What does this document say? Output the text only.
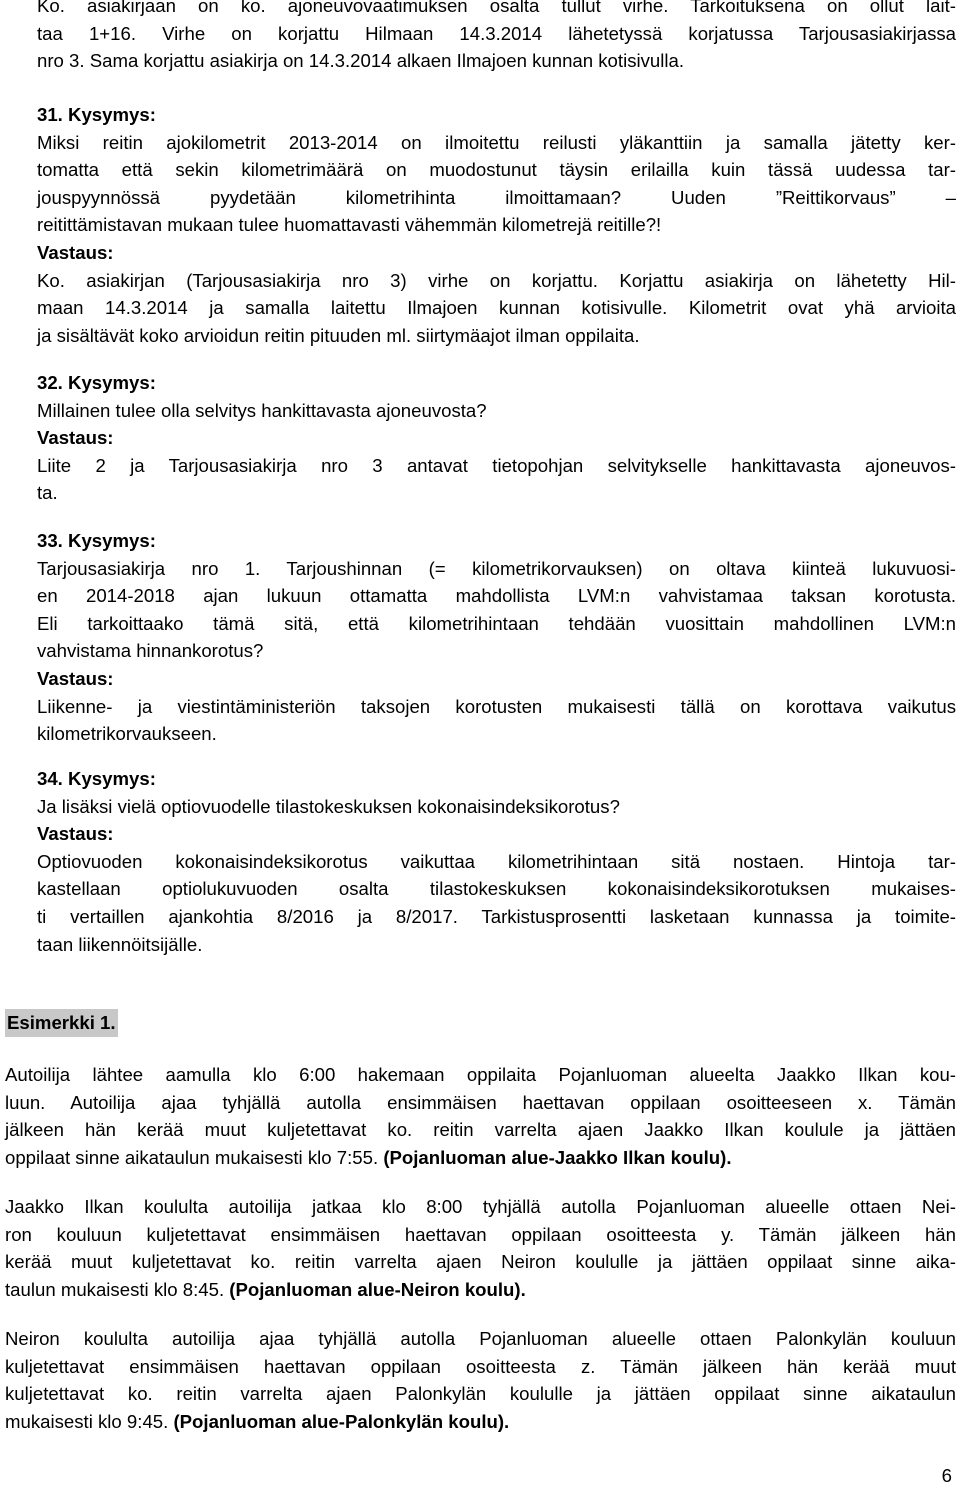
Ko. asiakirjaan on ko. ajoneuvovaatimuksen osalta tullut virhe. Tarkoituksena on ollut lait-
taa 1+16. Virhe on korjattu Hilmaan 14.3.2014 lähetetyssä korjatussa Tarjousasiakirjassa
nro 3. Sama korjattu asiakirja on 14.3.2014 alkaen Ilmajoen kunnan kotisivulla.
31. Kysymys:
Miksi reitin ajokilometrit 2013-2014 on ilmoitettu reilusti yläkanttiin ja samalla jätetty ker-
tomatta että sekin kilometrimäärä on muodostunut täysin erilailla kuin tässä uudessa tar-
jouspyynnössä pyydetään kilometrihinta ilmoittamaan? Uuden ”Reittikorvaus” –
reitittämistavan mukaan tulee huomattavasti vähemmän kilometrejä reitille?!
Vastaus:
Ko. asiakirjan (Tarjousasiakirja nro 3) virhe on korjattu. Korjattu asiakirja on lähetetty Hil-
maan 14.3.2014 ja samalla laitettu Ilmajoen kunnan kotisivulle. Kilometrit ovat yhä arvioita
ja sisältävät koko arvioidun reitin pituuden ml. siirtymäajot ilman oppilaita.
32. Kysymys:
Millainen tulee olla selvitys hankittavasta ajoneuvosta?
Vastaus:
Liite 2 ja Tarjousasiakirja nro 3 antavat tietopohjan selvitykselle hankittavasta ajoneuvos-
ta.
33. Kysymys:
Tarjousasiakirja nro 1. Tarjoushinnan (= kilometrikorvauksen) on oltava kiinteä lukuvuosi-
en 2014-2018 ajan lukuun ottamatta mahdollista LVM:n vahvistamaa taksan korotusta.
Eli tarkoittaako tämä sitä, että kilometrihintaan tehdään vuosittain mahdollinen LVM:n
vahvistama hinnankorotus?
Vastaus:
Liikenne- ja viestintäministeriön taksojen korotusten mukaisesti tällä on korottava vaikutus
kilometrikorvaukseen.
34. Kysymys:
Ja lisäksi vielä optiovuodelle tilastokeskuksen kokonaisindeksikorotus?
Vastaus:
Optiovuoden kokonaisindeksikorotus vaikuttaa kilometrihintaan sitä nostaen. Hintoja tar-
kastellaan optiolukuvuoden osalta tilastokeskuksen kokonaisindeksikorotuksen mukaises-
ti vertaillen ajankohtia 8/2016 ja 8/2017. Tarkistusprosentti lasketaan kunnassa ja toimite-
taan liikennöitsijälle.
Esimerkki 1.
Autoilija lähtee aamulla klo 6:00 hakemaan oppilaita Pojanluoman alueelta Jaakko Ilkan kou-
luun. Autoilija ajaa tyhjällä autolla ensimmäisen haettavan oppilaan osoitteeseen x. Tämän
jälkeen hän kerää muut kuljetettavat ko. reitin varrelta ajaen Jaakko Ilkan koulule ja jättäen
oppilaat sinne aikataulun mukaisesti klo 7:55. (Pojanluoman alue-Jaakko Ilkan koulu).
Jaakko Ilkan koululta autoilija jatkaa klo 8:00 tyhjällä autolla Pojanluoman alueelle ottaen Nei-
ron kouluun kuljetettavat ensimmäisen haettavan oppilaan osoitteesta y. Tämän jälkeen hän
kerää muut kuljetettavat ko. reitin varrelta ajaen Neiron koululle ja jättäen oppilaat sinne aika-
taulun mukaisesti klo 8:45. (Pojanluoman alue-Neiron koulu).
Neiron koululta autoilija ajaa tyhjällä autolla Pojanluoman alueelle ottaen Palonkylän kouluun
kuljetettavat ensimmäisen haettavan oppilaan osoitteesta z. Tämän jälkeen hän kerää muut
kuljetettavat ko. reitin varrelta ajaen Palonkylän koululle ja jättäen oppilaat sinne aikataulun
mukaisesti klo 9:45. (Pojanluoman alue-Palonkylän koulu).
6
